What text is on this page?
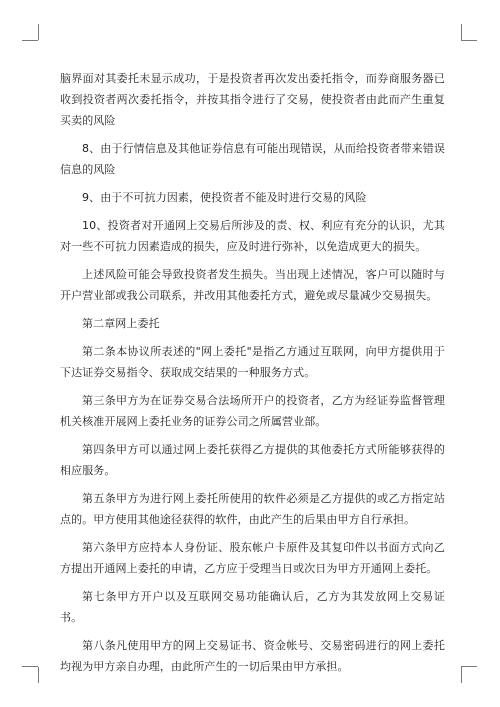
脑界面对其委托未显示成功，于是投资者再次发出委托指令，而券商服务器已收到投资者两次委托指令，并按其指令进行了交易，使投资者由此而产生重复买卖的风险

8、由于行情信息及其他证券信息有可能出现错误，从而给投资者带来错误信息的风险

9、由于不可抗力因素，使投资者不能及时进行交易的风险

10、投资者对开通网上交易后所涉及的责、权、利应有充分的认识，尤其对一些不可抗力因素造成的损失，应及时进行弥补，以免造成更大的损失。

上述风险可能会导致投资者发生损失。当出现上述情况，客户可以随时与开户营业部或我公司联系，并改用其他委托方式，避免或尽量减少交易损失。

第二章网上委托

第二条本协议所表述的"网上委托"是指乙方通过互联网，向甲方提供用于下达证券交易指令、获取成交结果的一种服务方式。

第三条甲方为在证券交易合法场所开户的投资者，乙方为经证券监督管理机关核准开展网上委托业务的证券公司之所属营业部。

第四条甲方可以通过网上委托获得乙方提供的其他委托方式所能够获得的相应服务。

第五条甲方为进行网上委托所使用的软件必须是乙方提供的或乙方指定站点的。甲方使用其他途径获得的软件，由此产生的后果由甲方自行承担。

第六条甲方应持本人身份证、股东帐户卡原件及其复印件以书面方式向乙方提出开通网上委托的申请，乙方应于受理当日或次日为甲方开通网上委托。

第七条甲方开户以及互联网交易功能确认后，乙方为其发放网上交易证书。

第八条凡使用甲方的网上交易证书、资金帐号、交易密码进行的网上委托均视为甲方亲自办理，由此所产生的一切后果由甲方承担。
